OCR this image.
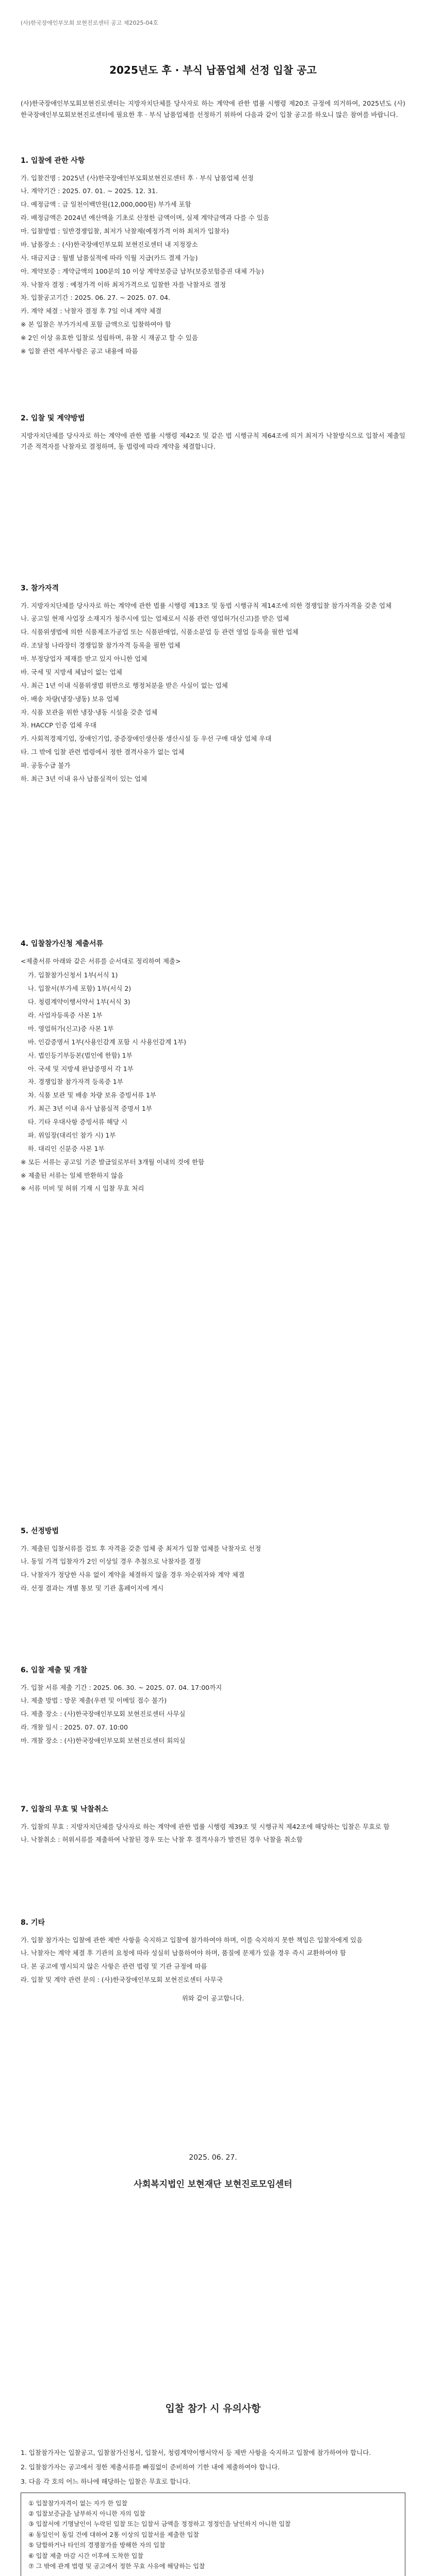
(사)한국장애인부모회 보현진로센터 공고 제2025-04호
2025년도 후 · 부식 납품업체 선정 입찰 공고

(사)한국장애인부모회보현진로센터는 지방자치단체를 당사자로 하는 계약에 관한 법률 시행령 제20조 규정에 의거하여, 2025년도 (사)한국장애인부모회보현진로센터에 필요한 후 · 부식 납품업체를 선정하기 위하여 다음과 같이 입찰 공고를 하오니 많은 참여를 바랍니다.

1. 입찰에 관한 사항
가. 입찰건명 : 2025년 (사)한국장애인부모회보현진로센터 후 · 부식 납품업체 선정
나. 계약기간 : 2025. 07. 01. ~ 2025. 12. 31.
다. 예정금액 : 금 일천이백만원(12,000,000원) 부가세 포함
라. 배정금액은 2024년 예산액을 기초로 산정한 금액이며, 실제 계약금액과 다를 수 있음
마. 입찰방법 : 일반경쟁입찰, 최저가 낙찰제(예정가격 이하 최저가 입찰자)
바. 납품장소 : (사)한국장애인부모회 보현진로센터 내 지정장소
사. 대금지급 : 월별 납품실적에 따라 익월 지급(카드 결제 가능)
아. 계약보증 : 계약금액의 100분의 10 이상 계약보증금 납부(보증보험증권 대체 가능)
자. 낙찰자 결정 : 예정가격 이하 최저가격으로 입찰한 자를 낙찰자로 결정
차. 입찰공고기간 : 2025. 06. 27. ~ 2025. 07. 04.
카. 계약 체결 : 낙찰자 결정 후 7일 이내 계약 체결
※ 본 입찰은 부가가치세 포함 금액으로 입찰하여야 함
※ 2인 이상 유효한 입찰로 성립하며, 유찰 시 재공고 할 수 있음
※ 입찰 관련 세부사항은 공고 내용에 따름
2. 입찰 및 계약방법

지방자치단체를 당사자로 하는 계약에 관한 법률 시행령 제42조 및 같은 법 시행규칙 제64조에 의거 최저가 낙찰방식으로 입찰서 제출일 기준 적격자를 낙찰자로 결정하며, 동 법령에 따라 계약을 체결합니다.

3. 참가자격
가. 지방자치단체를 당사자로 하는 계약에 관한 법률 시행령 제13조 및 동법 시행규칙 제14조에 의한 경쟁입찰 참가자격을 갖춘 업체
나. 공고일 현재 사업장 소재지가 청주시에 있는 업체로서 식품 관련 영업허가(신고)를 받은 업체
다. 식품위생법에 의한 식품제조가공업 또는 식품판매업, 식품소분업 등 관련 영업 등록을 필한 업체
라. 조달청 나라장터 경쟁입찰 참가자격 등록을 필한 업체
마. 부정당업자 제재를 받고 있지 아니한 업체
바. 국세 및 지방세 체납이 없는 업체
사. 최근 1년 이내 식품위생법 위반으로 행정처분을 받은 사실이 없는 업체
아. 배송 차량(냉장·냉동) 보유 업체
자. 식품 보관을 위한 냉장·냉동 시설을 갖춘 업체
차. HACCP 인증 업체 우대
카. 사회적경제기업, 장애인기업, 중증장애인생산품 생산시설 등 우선 구매 대상 업체 우대
타. 그 밖에 입찰 관련 법령에서 정한 결격사유가 없는 업체
파. 공동수급 불가
하. 최근 3년 이내 유사 납품실적이 있는 업체
4. 입찰참가신청 제출서류

<제출서류 아래와 같은 서류를 순서대로 정리하여 제출>

가. 입찰참가신청서 1부(서식 1)
나. 입찰서(부가세 포함) 1부(서식 2)
다. 청렴계약이행서약서 1부(서식 3)
라. 사업자등록증 사본 1부
마. 영업허가(신고)증 사본 1부
바. 인감증명서 1부(사용인감계 포함 시 사용인감계 1부)
사. 법인등기부등본(법인에 한함) 1부
아. 국세 및 지방세 완납증명서 각 1부
자. 경쟁입찰 참가자격 등록증 1부
차. 식품 보관 및 배송 차량 보유 증빙서류 1부
카. 최근 3년 이내 유사 납품실적 증명서 1부
타. 기타 우대사항 증빙서류 해당 시
파. 위임장(대리인 참가 시) 1부
하. 대리인 신분증 사본 1부
※ 모든 서류는 공고일 기준 발급일로부터 3개월 이내의 것에 한함
※ 제출된 서류는 일체 반환하지 않음
※ 서류 미비 및 허위 기재 시 입찰 무효 처리
5. 선정방법
가. 제출된 입찰서류를 검토 후 자격을 갖춘 업체 중 최저가 입찰 업체를 낙찰자로 선정
나. 동일 가격 입찰자가 2인 이상일 경우 추첨으로 낙찰자를 결정
다. 낙찰자가 정당한 사유 없이 계약을 체결하지 않을 경우 차순위자와 계약 체결
라. 선정 결과는 개별 통보 및 기관 홈페이지에 게시
6. 입찰 제출 및 개찰
가. 입찰 서류 제출 기간 : 2025. 06. 30. ~ 2025. 07. 04. 17:00까지
나. 제출 방법 : 방문 제출(우편 및 이메일 접수 불가)
다. 제출 장소 : (사)한국장애인부모회 보현진로센터 사무실
라. 개찰 일시 : 2025. 07. 07. 10:00
마. 개찰 장소 : (사)한국장애인부모회 보현진로센터 회의실
7. 입찰의 무효 및 낙찰취소
가. 입찰의 무효 : 지방자치단체를 당사자로 하는 계약에 관한 법률 시행령 제39조 및 시행규칙 제42조에 해당하는 입찰은 무효로 함
나. 낙찰취소 : 허위서류를 제출하여 낙찰된 경우 또는 낙찰 후 결격사유가 발견된 경우 낙찰을 취소함
8. 기타
가. 입찰 참가자는 입찰에 관한 제반 사항을 숙지하고 입찰에 참가하여야 하며, 이를 숙지하지 못한 책임은 입찰자에게 있음
나. 낙찰자는 계약 체결 후 기관의 요청에 따라 성실히 납품하여야 하며, 품질에 문제가 있을 경우 즉시 교환하여야 함
다. 본 공고에 명시되지 않은 사항은 관련 법령 및 기관 규정에 따름
라. 입찰 및 계약 관련 문의 : (사)한국장애인부모회 보현진로센터 사무국

위와 같이 공고합니다.

2025. 06. 27.
사회복지법인 보현재단 보현진로모임센터
입찰 참가 시 유의사항

1. 입찰참가자는 입찰공고, 입찰참가신청서, 입찰서, 청렴계약이행서약서 등 제반 사항을 숙지하고 입찰에 참가하여야 합니다.

2. 입찰참가자는 공고에서 정한 제출서류를 빠짐없이 준비하여 기한 내에 제출하여야 합니다.

3. 다음 각 호의 어느 하나에 해당하는 입찰은 무효로 합니다.

① 입찰참가자격이 없는 자가 한 입찰
② 입찰보증금을 납부하지 아니한 자의 입찰
③ 입찰서에 기명날인이 누락된 입찰 또는 입찰서 금액을 정정하고 정정인을 날인하지 아니한 입찰
④ 동일인이 동일 건에 대하여 2통 이상의 입찰서를 제출한 입찰
⑤ 담합하거나 타인의 경쟁참가를 방해한 자의 입찰
⑥ 입찰 제출 마감 시간 이후에 도착한 입찰
⑦ 그 밖에 관계 법령 및 공고에서 정한 무효 사유에 해당하는 입찰
